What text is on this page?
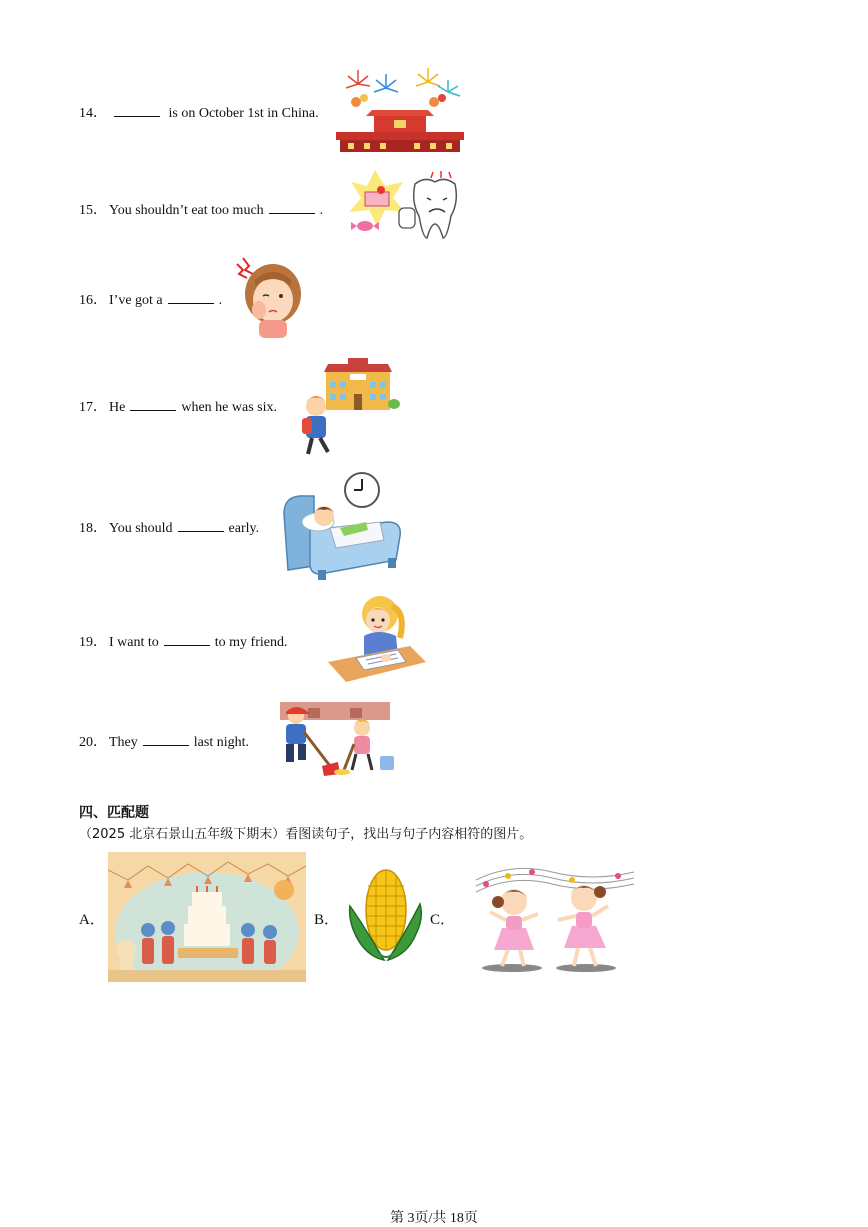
14．	is on October 1st in China.
15． You shouldn’t eat too much	.
16． I’ve got a	.
17． He	when he was six.
18． You should	early.
19． I want to	to my friend.
20． They	last night.
四、匹配题
（2025 北京石景山五年级下期末）看图读句子，找出与句子内容相符的图片。
A．	B．	C．
第 3页/共 18页
